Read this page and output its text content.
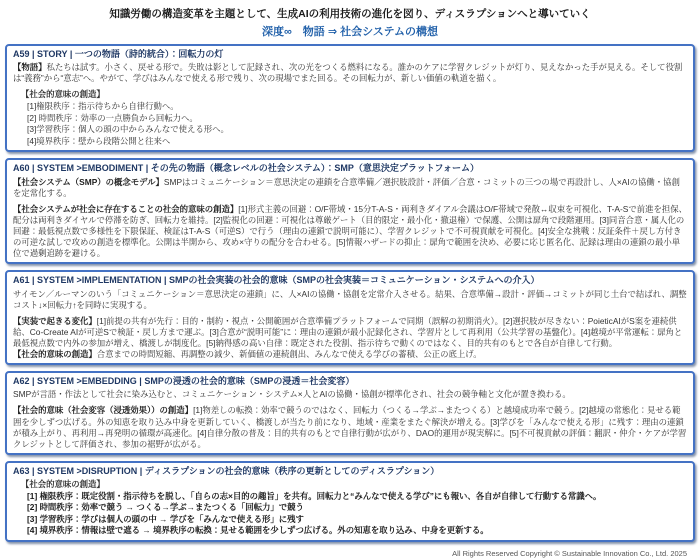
知識労働の構造変革を主題として、生成AIの利用技術の進化を図り、ディスラプションへと導いていく
深度∞　物語 ⇒ 社会システムの構想
A59 | STORY | 一つの物語（詩的統合）：回転力の灯

【物語】私たちは試す。小さく、戻せる形で。失敗は影として記録され、次の光をつくる燃料になる。誰かのケアに学習クレジットが灯り、見えなかった手が見える。そして役割は“義務”から“意志”へ。やがて、学びはみんなで使える形で残り、次の現場でまた回る。その回転力が、新しい価値の軌道を描く。

【社会的意味の創造】
[1]権限秩序：指示待ちから自律行動へ。
[2] 時間秩序：効率の一点勝負から回転力へ。
[3]学習秩序：個人の頭の中からみんなで使える形へ。
[4]境界秩序：壁から段階公開と往来へ
A60 | SYSTEM >EMBODIMENT | その先の物語（概念レベルの社会システム）：SMP（意思決定プラットフォーム）

【社会システム（SMP）の概念モデル】SMPはコミュニケーション＝意思決定の連鎖を合意準備／選択肢設計・評価／合意・コミットの三つの場で再設計し、人×AIの協働・協創を定常化する。

【社会システムが社会に存在することの社会的意味の創造】[1]形式主義の回避：O/F帯域・15分T-A-S・両利きダイアル会議はO/F帯域で発散↔収束を可視化、T-A-Sで前進を担保、配分は両利きダイヤルで停滞を防ぎ、回転力を維持。[2]監視化の回避：可視化は尊厳ゲート（目的限定・最小化・撤退権）で保護、公開は扉角で段階運用。[3]同音合意・属人化の回避：最低視点数で多様性を下限保証、検証はT-A-S（可逆S）で行う（理由の連鎖で説明可能に）、学習クレジットで不可視貢献を可視化。[4]安全な挑戦：反証条件＋戻し方付きの可逆な試しで攻めの創造を標準化。公開は半開から、攻め×守りの配分を合わせる。[5]情報ハザードの抑止：扉角で範囲を決め、必要に応じ匿名化、記録は理由の連鎖の最小単位で過剰追跡を避ける。

A61 | SYSTEM >IMPLEMENTATION | SMPの社会実装の社会的意味（SMPの社会実装＝コミュニケーション・システムへの介入）

サイモン／ルーマンのいう「コミュニケーション＝意思決定の連鎖」に、人×AIの協働・協創を定常介入させる。結果、合意準備→設計・評価→コミットが同じ土台で結ばれ、調整コスト↓×回転力↑を同時に実現する。

【実装で起きる変化】[1]前提の共有が先行：目的・制約・視点・公開範囲が合意準備プラットフォームで同期（誤解の初期消火）。[2]選択肢が尽きない：PoieticAIがS案を連続供給、Co-Create AIが可逆Sで検証・戻し方まで運ぶ。[3]合意が“説明可能”に：理由の連鎖が最小記録化され、学習片として再利用（公共学習の基盤化）。[4]越境が平常運転：扉角と最低視点数で内外の参加が増え、橋渡しが制度化。[5]納得感の高い自律：既定された役割、指示待ちで動くのではなく、目的共有のもとで各自が自律して行動。

【社会的意味の創造】合意までの時間短縮、再調整の減少、新価値の連続創出、みんなで使える学びの蓄積、公正の底上げ。

A62 | SYSTEM >EMBEDDING | SMPの浸透の社会的意味（SMPの浸透＝社会変容）

SMPが言語・作法として社会に染み込むと、コミュニケーション・システム×人とAIの協働・協創が標準化され、社会の競争軸と文化が置き換わる。

【社会的意味（社会変容（浸透効果））の創造】[1]物差しの転換：効率で競うのではなく、回転力（つくる→学ぶ→またつくる）と越境成功率で競う。[2]越境の常態化：見せる範囲を少しずつ広げる。外の知恵を取り込み中身を更新していく、橋渡しが当たり前になり、地域・産業をまたぐ解決が増える。[3]学びを「みんなで使える形」に残す：理由の連鎖が積み上がり、再利用→再発明の循環が高速化。[4]自律分散の普及：目的共有のもとで自律行動が広がり、DAO的運用が現実解に。[5]不可視貢献の評価：翻訳・仲介・ケアが学習クレジットとして評価され、参加の裾野が広がる。

A63 | SYSTEM >DISRUPTION | ディスラプションの社会的意味（秩序の更新としてのディスラプション）
【社会的意味の創造】
[1] 権限秩序：既定役割・指示待ちを脱し、「自らの志×目的の趣旨」を共有。回転力と“みんなで使える学び”にも報い、各自が自律して行動する常識へ。
[2] 時間秩序：効率で競う → つくる→学ぶ→またつくる「回転力」で競う
[3] 学習秩序：学びは個人の頭の中 → 学びを「みんなで使える形」に残す
[4] 境界秩序：情報は壁で遮る → 境界秩序の転換：見せる範囲を少しずつ広げる。外の知恵を取り込み、中身を更新する。
All Rights Reserved Copyright © Sustainable Innovation Co., Ltd. 2025
